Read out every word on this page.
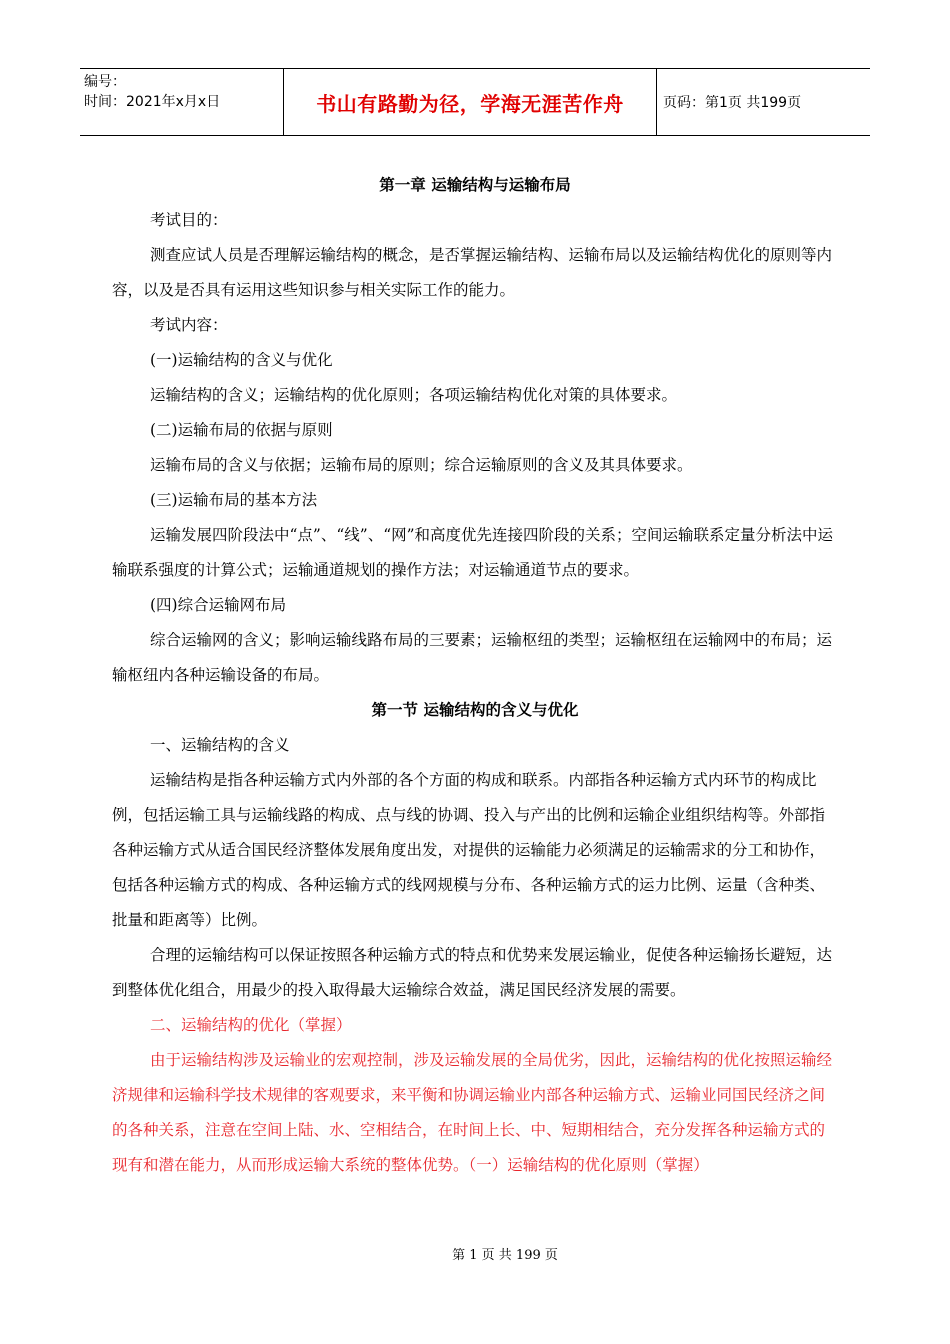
编号：
时间：2021年x月x日	书山有路勤为径，学海无涯苦作舟	页码：第1页 共199页

第一章 运输结构与运输布局

考试目的：

测查应试人员是否理解运输结构的概念，是否掌握运输结构、运输布局以及运输结构优化的原则等内容，以及是否具有运用这些知识参与相关实际工作的能力。

考试内容：

(一)运输结构的含义与优化

运输结构的含义；运输结构的优化原则；各项运输结构优化对策的具体要求。

(二)运输布局的依据与原则

运输布局的含义与依据；运输布局的原则；综合运输原则的含义及其具体要求。

(三)运输布局的基本方法

运输发展四阶段法中“点”、“线”、“网”和高度优先连接四阶段的关系；空间运输联系定量分析法中运输联系强度的计算公式；运输通道规划的操作方法；对运输通道节点的要求。

(四)综合运输网布局

综合运输网的含义；影响运输线路布局的三要素；运输枢纽的类型；运输枢纽在运输网中的布局；运输枢纽内各种运输设备的布局。

第一节 运输结构的含义与优化

一、运输结构的含义

运输结构是指各种运输方式内外部的各个方面的构成和联系。内部指各种运输方式内环节的构成比例，包括运输工具与运输线路的构成、点与线的协调、投入与产出的比例和运输企业组织结构等。外部指各种运输方式从适合国民经济整体发展角度出发，对提供的运输能力必须满足的运输需求的分工和协作，包括各种运输方式的构成、各种运输方式的线网规模与分布、各种运输方式的运力比例、运量（含种类、批量和距离等）比例。

合理的运输结构可以保证按照各种运输方式的特点和优势来发展运输业，促使各种运输扬长避短，达到整体优化组合，用最少的投入取得最大运输综合效益，满足国民经济发展的需要。

二、运输结构的优化（掌握）

由于运输结构涉及运输业的宏观控制，涉及运输发展的全局优劣，因此，运输结构的优化按照运输经济规律和运输科学技术规律的客观要求，来平衡和协调运输业内部各种运输方式、运输业同国民经济之间的各种关系，注意在空间上陆、水、空相结合，在时间上长、中、短期相结合，充分发挥各种运输方式的现有和潜在能力，从而形成运输大系统的整体优势。（一）运输结构的优化原则（掌握）

第 1 页 共 199 页
